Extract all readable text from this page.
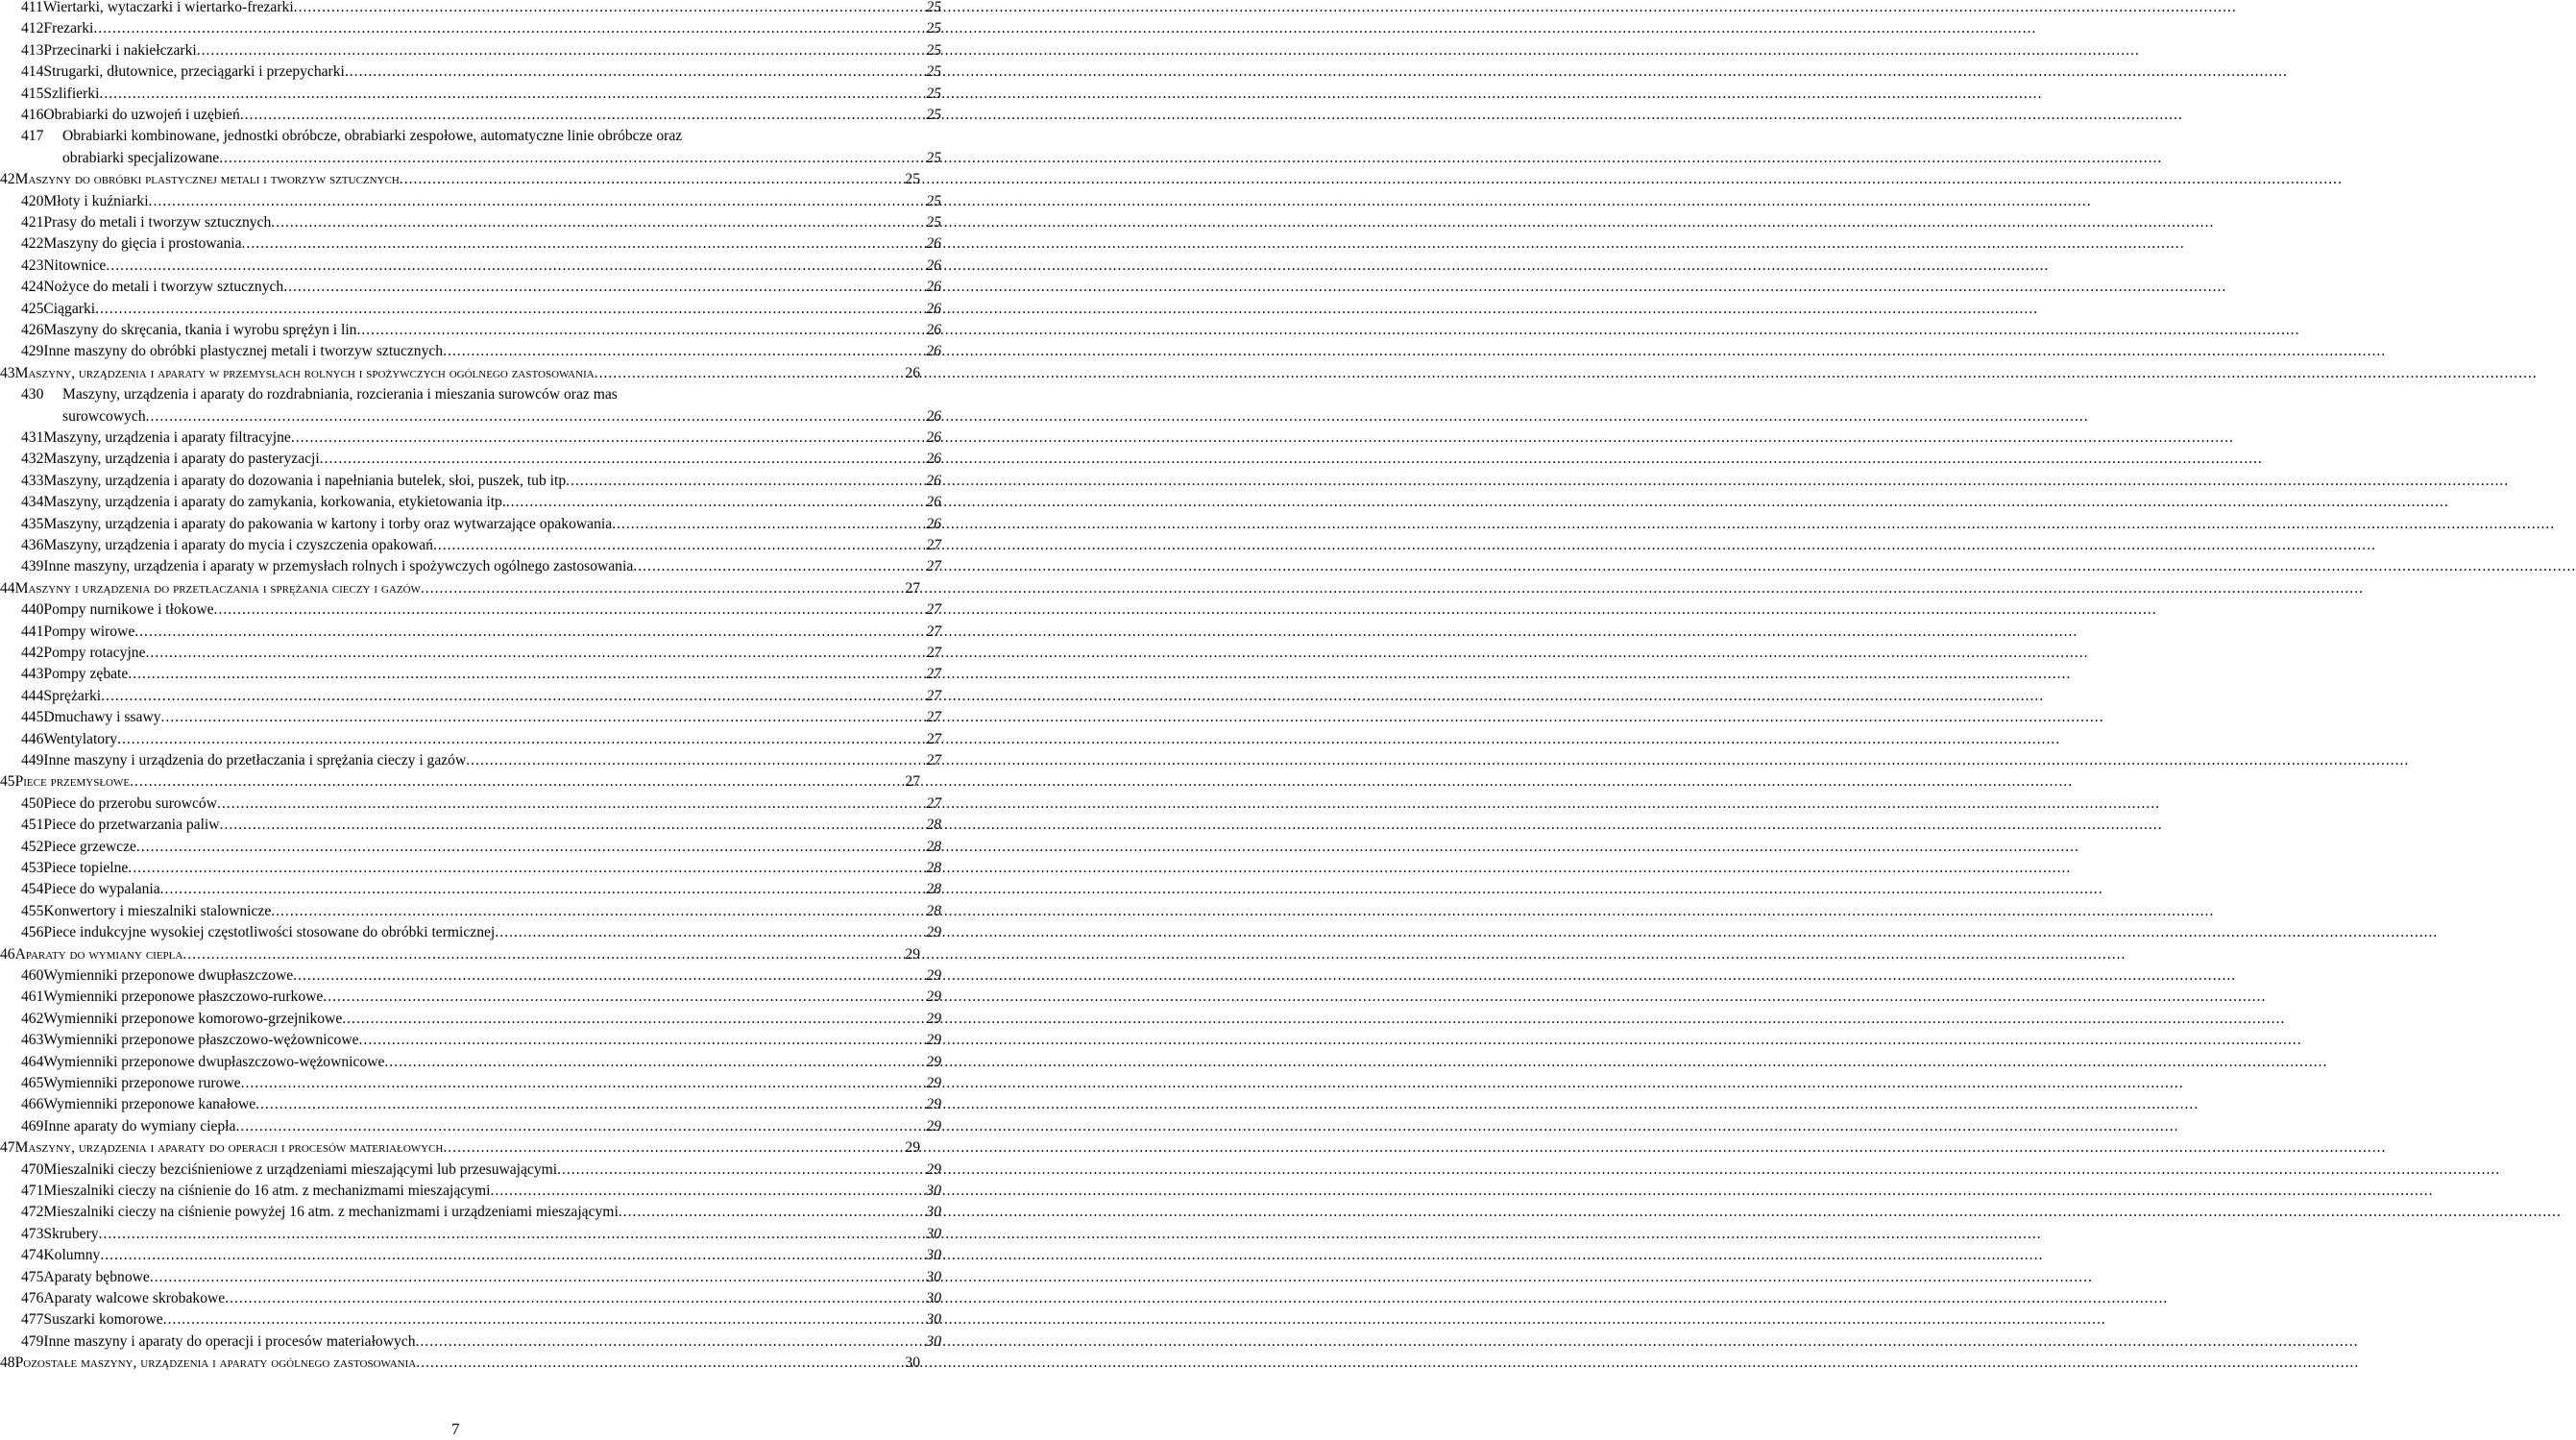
411 Wiertarki, wytaczarki i wiertarko-frezarki .....	25
412 Frezarki .....	25
413 Przecinarki i nakiełczarki .....	25
414 Strugarki, dłutownice, przeciągarki i przepycharki .....	25
415 Szlifierki .....	25
416 Obrabiarki do uzwojeń i uzębień .....	25
417	Obrabiarki kombinowane, jednostki obróbcze, obrabiarki zespołowe, automatyczne linie obróbcze oraz
obrabiarki specjalizowane .....	25
42 Maszyny do obróbki plastycznej metali i tworzyw sztucznych .....	25
420 Młoty i kuźniarki .....	25
421 Prasy do metali i tworzyw sztucznych .....	25
422 Maszyny do gięcia i prostowania .....	26
423 Nitownice .....	26
424 Nożyce do metali i tworzyw sztucznych .....	26
425 Ciągarki .....	26
426 Maszyny do skręcania, tkania i wyrobu sprężyn i lin .....	26
429 Inne maszyny do obróbki plastycznej metali i tworzyw sztucznych .....	26
43 Maszyny, urządzenia i aparaty w przemysłach rolnych i spożywczych ogólnego zastosowania .....	26
430	Maszyny, urządzenia i aparaty do rozdrabniania, rozcierania i mieszania surowców oraz mas
surowcowych .....	26
431 Maszyny, urządzenia i aparaty filtracyjne .....	26
432 Maszyny, urządzenia i aparaty do pasteryzacji .....	26
433 Maszyny, urządzenia i aparaty do dozowania i napełniania butelek, słoi, puszek, tub itp .....	26
434 Maszyny, urządzenia i aparaty do zamykania, korkowania, etykietowania itp. .....	26
435 Maszyny, urządzenia i aparaty do pakowania w kartony i torby oraz wytwarzające opakowania .....	26
436 Maszyny, urządzenia i aparaty do mycia i czyszczenia opakowań .....	27
439 Inne maszyny, urządzenia i aparaty w przemysłach rolnych i spożywczych ogólnego zastosowania .....	27
44 Maszyny i urządzenia do przetłaczania i sprężania cieczy i gazów .....	27
440 Pompy nurnikowe i tłokowe .....	27
441 Pompy wirowe .....	27
442 Pompy rotacyjne .....	27
443 Pompy zębate .....	27
444 Sprężarki .....	27
445 Dmuchawy i ssawy .....	27
446 Wentylatory .....	27
449 Inne maszyny i urządzenia do przetłaczania i sprężania cieczy i gazów .....	27
45 Piece przemysłowe .....	27
450 Piece do przerobu surowców .....	27
451 Piece do przetwarzania paliw .....	28
452 Piece grzewcze .....	28
453 Piece topielne .....	28
454 Piece do wypalania .....	28
455 Konwertory i mieszalniki stalownicze .....	28
456 Piece indukcyjne wysokiej częstotliwości stosowane do obróbki termicznej .....	29
46 Aparaty do wymiany ciepła .....	29
460 Wymienniki przeponowe dwupłaszczowe .....	29
461 Wymienniki przeponowe płaszczowo-rurkowe .....	29
462 Wymienniki przeponowe komorowo-grzejnikowe .....	29
463 Wymienniki przeponowe płaszczowo-wężownicowe .....	29
464 Wymienniki przeponowe dwupłaszczowo-wężownicowe .....	29
465 Wymienniki przeponowe rurowe .....	29
466 Wymienniki przeponowe kanałowe .....	29
469 Inne aparaty do wymiany ciepła .....	29
47 Maszyny, urządzenia i aparaty do operacji i procesów materiałowych .....	29
470 Mieszalniki cieczy bezciśnieniowe z urządzeniami mieszającymi lub przesuwającymi .....	29
471 Mieszalniki cieczy na ciśnienie do 16 atm. z mechanizmami mieszającymi .....	30
472 Mieszalniki cieczy na ciśnienie powyżej 16 atm. z mechanizmami i urządzeniami mieszającymi .....	30
473 Skrubery .....	30
474 Kolumny .....	30
475 Aparaty bębnowe .....	30
476 Aparaty walcowe skrobakowe .....	30
477 Suszarki komorowe .....	30
479 Inne maszyny i aparaty do operacji i procesów materiałowych .....	30
48 Pozostałe maszyny, urządzenia i aparaty ogólnego zastosowania .....	30
7
